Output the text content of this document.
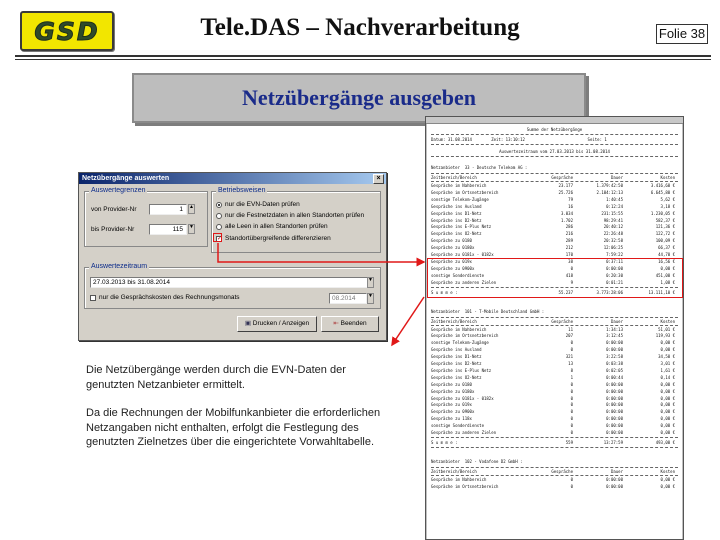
GSD	Tele.DAS – Nachverarbeitung	Folie 38
Netzübergänge ausgeben
Netzübergänge auswerten	×
Auswertegrenzen
von Provider-Nr	1	▲
bis Provider-Nr	115	▼
Betriebsweisen
nur die EVN-Daten prüfen
nur die Festnetzdaten in allen Standorten prüfen
alle Leen in allen Standorten prüfen
✓ Standortübergreifende differenzieren
Auswertezeitraum
27.03.2013 bis 31.08.2014	▼
nur die Gesprächskosten des Rechnungsmonats	08.2014	▼
▣ Drucken / Anzeigen	⇤ Beenden

Die Netzübergänge werden durch die EVN-Daten der genutzten Netzanbieter ermittelt.

Da die Rechnungen der Mobilfunkanbieter die erforderlichen Netzangaben nicht enthalten, erfolgt die Festlegung des genutzten Zielnetzes über die eingerichtete Vorwahltabelle.

Summe der Netzübergänge
Datum: 31.08.2014        Zeit: 13:10:12                          Seite: 1
Auswertezeitraum vom 27.03.2013 bis 31.08.2014
Netzanbieter  33 - Deutsche Telekom AG :
Zeitbereich/Bereich	Gespräche	Dauer	Kosten
Gespräche im Nahbereich	23.177	1.379:42:50	3.416,60 €
Gespräche im Ortsnetzbereich	25.726	2.104:12:13	6.645,80 €
sonstige Telekom-Zugänge	79	1:40:45	5,62 €
Gespräche ins Ausland	16	0:12:24	3,18 €
Gespräche ins D1-Netz	3.034	231:15:55	1.230,05 €
Gespräche ins D2-Netz	1.702	98:29:41	582,37 €
Gespräche ins E-Plus Netz	286	20:40:12	121,36 €
Gespräche ins O2-Netz	216	22:26:48	122,72 €
Gespräche zu 0180	289	20:32:58	100,09 €
Gespräche zu 0180x	212	12:06:25	66,37 €
Gespräche zu 0181x - 0182x	170	7:59:22	44,70 €
Gespräche zu 019x	38	0:37:11	16,56 €
Gespräche zu 0900x	0	0:00:00	0,00 €
sonstige Sonderdienste	418	0:20:30	451,00 €
Gespräche zu anderen Zielen	9	0:01:21	1,08 €
S u m m e :	55.237	3.773:28:06	13.111,10 €
Netzanbieter  101 - T-Mobile Deutschland GmbH :
Zeitbereich/Bereich	Gespräche	Dauer	Kosten
Gespräche im Nahbereich	11	1:34:13	51,01 €
Gespräche im Ortsnetzbereich	207	3:12:45	119,93 €
sonstige Telekom-Zugänge	0	0:00:00	0,00 €
Gespräche ins Ausland	0	0:00:00	0,00 €
Gespräche ins D1-Netz	321	3:22:58	34,50 €
Gespräche ins D2-Netz	13	0:03:38	3,01 €
Gespräche ins E-Plus Netz	8	0:02:05	1,61 €
Gespräche ins O2-Netz	1	0:00:44	0,14 €
Gespräche zu 0180	0	0:00:00	0,00 €
Gespräche zu 0180x	0	0:00:00	0,00 €
Gespräche zu 0181x - 0182x	0	0:00:00	0,00 €
Gespräche zu 019x	0	0:00:00	0,00 €
Gespräche zu 0900x	0	0:00:00	0,00 €
Gespräche zu 118x	0	0:00:00	0,00 €
sonstige Sonderdienste	0	0:00:00	0,00 €
Gespräche zu anderen Zielen	0	0:00:00	0,00 €
S u m m e :	559	13:27:59	493,00 €
Netzanbieter  102 - Vodafone D2 GmbH :
Zeitbereich/Bereich	Gespräche	Dauer	Kosten
Gespräche im Nahbereich	0	0:00:00	0,00 €
Gespräche im Ortsnetzbereich	0	0:00:00	0,00 €
